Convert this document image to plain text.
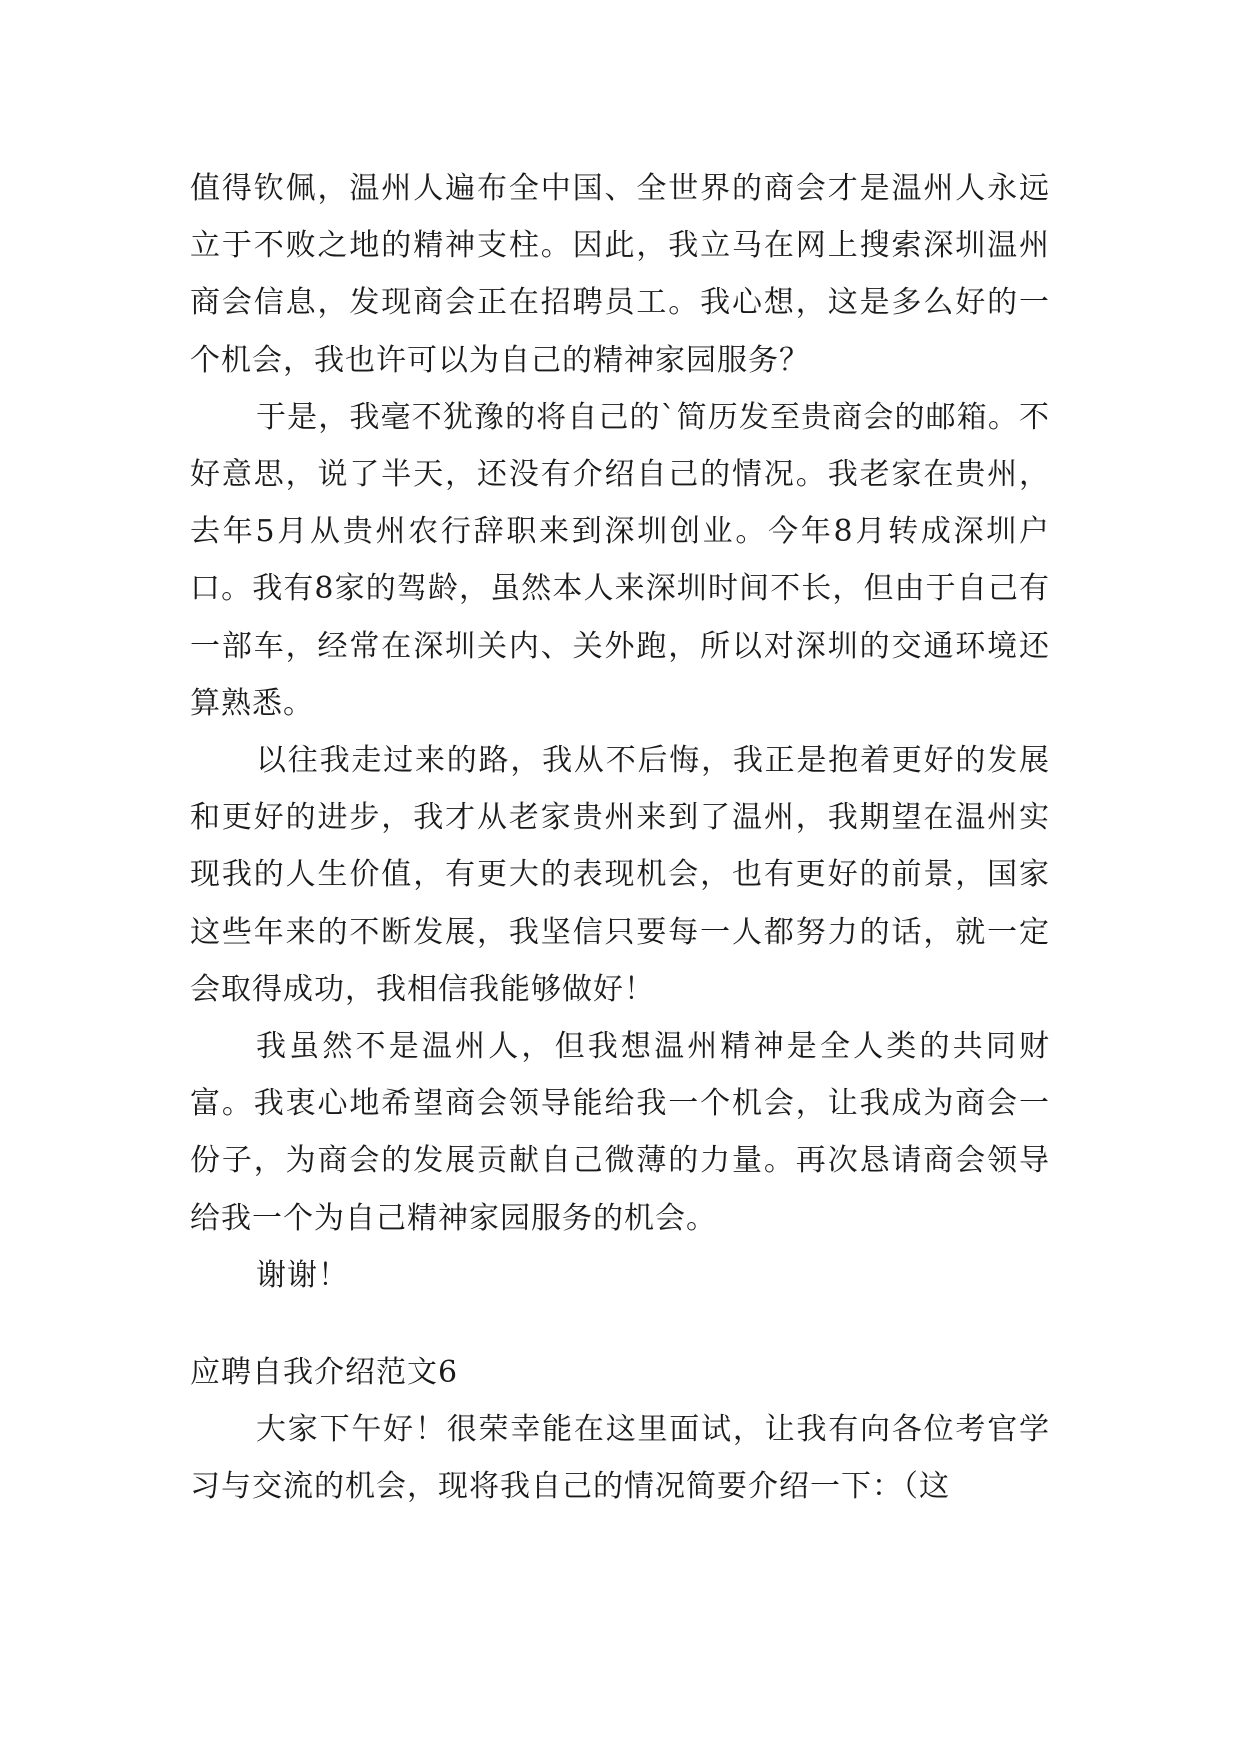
值得钦佩，温州人遍布全中国、全世界的商会才是温州人永远立于不败之地的精神支柱。因此，我立马在网上搜索深圳温州商会信息，发现商会正在招聘员工。我心想，这是多么好的一个机会，我也许可以为自己的精神家园服务？

于是，我毫不犹豫的将自己的`简历发至贵商会的邮箱。不好意思，说了半天，还没有介绍自己的情况。我老家在贵州，去年5月从贵州农行辞职来到深圳创业。今年8月转成深圳户口。我有8家的驾龄，虽然本人来深圳时间不长，但由于自己有一部车，经常在深圳关内、关外跑，所以对深圳的交通环境还算熟悉。

以往我走过来的路，我从不后悔，我正是抱着更好的发展和更好的进步，我才从老家贵州来到了温州，我期望在温州实现我的人生价值，有更大的表现机会，也有更好的前景，国家这些年来的不断发展，我坚信只要每一人都努力的话，就一定会取得成功，我相信我能够做好！

我虽然不是温州人，但我想温州精神是全人类的共同财富。我衷心地希望商会领导能给我一个机会，让我成为商会一份子，为商会的发展贡献自己微薄的力量。再次恳请商会领导给我一个为自己精神家园服务的机会。

谢谢！

应聘自我介绍范文6

大家下午好！很荣幸能在这里面试，让我有向各位考官学习与交流的机会，现将我自己的情况简要介绍一下：（这
